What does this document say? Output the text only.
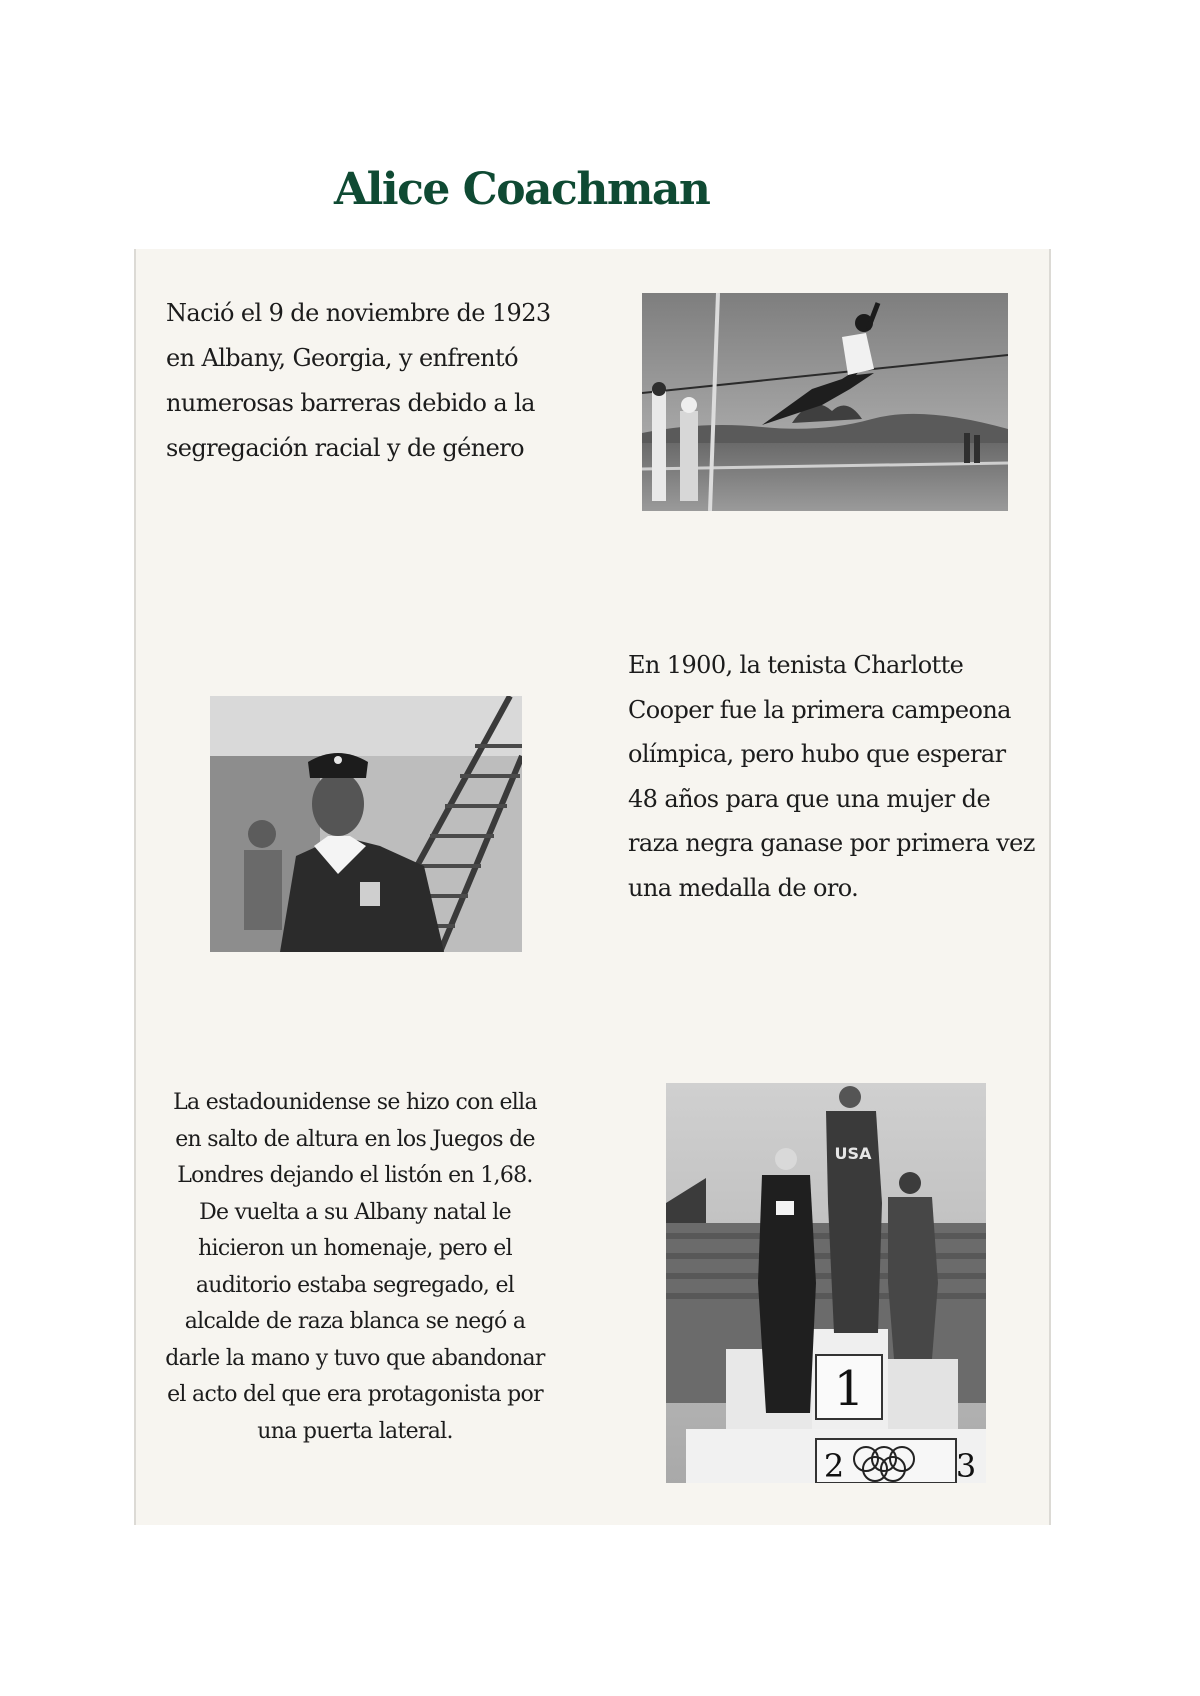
Alice Coachman

Nació el 9 de noviembre de 1923 en Albany, Georgia, y enfrentó numerosas barreras debido a la segregación racial y de género

En 1900, la tenista Charlotte Cooper fue la primera campeona olímpica, pero hubo que esperar 48 años para que una mujer de raza negra ganase por primera vez una medalla de oro.

La estadounidense se hizo con ella en salto de altura en los Juegos de Londres dejando el listón en 1,68. De vuelta a su Albany natal le hicieron un homenaje, pero el auditorio estaba segregado, el alcalde de raza blanca se negó a darle la mano y tuvo que abandonar el acto del que era protagonista por una puerta lateral.

1
2	3
USA
